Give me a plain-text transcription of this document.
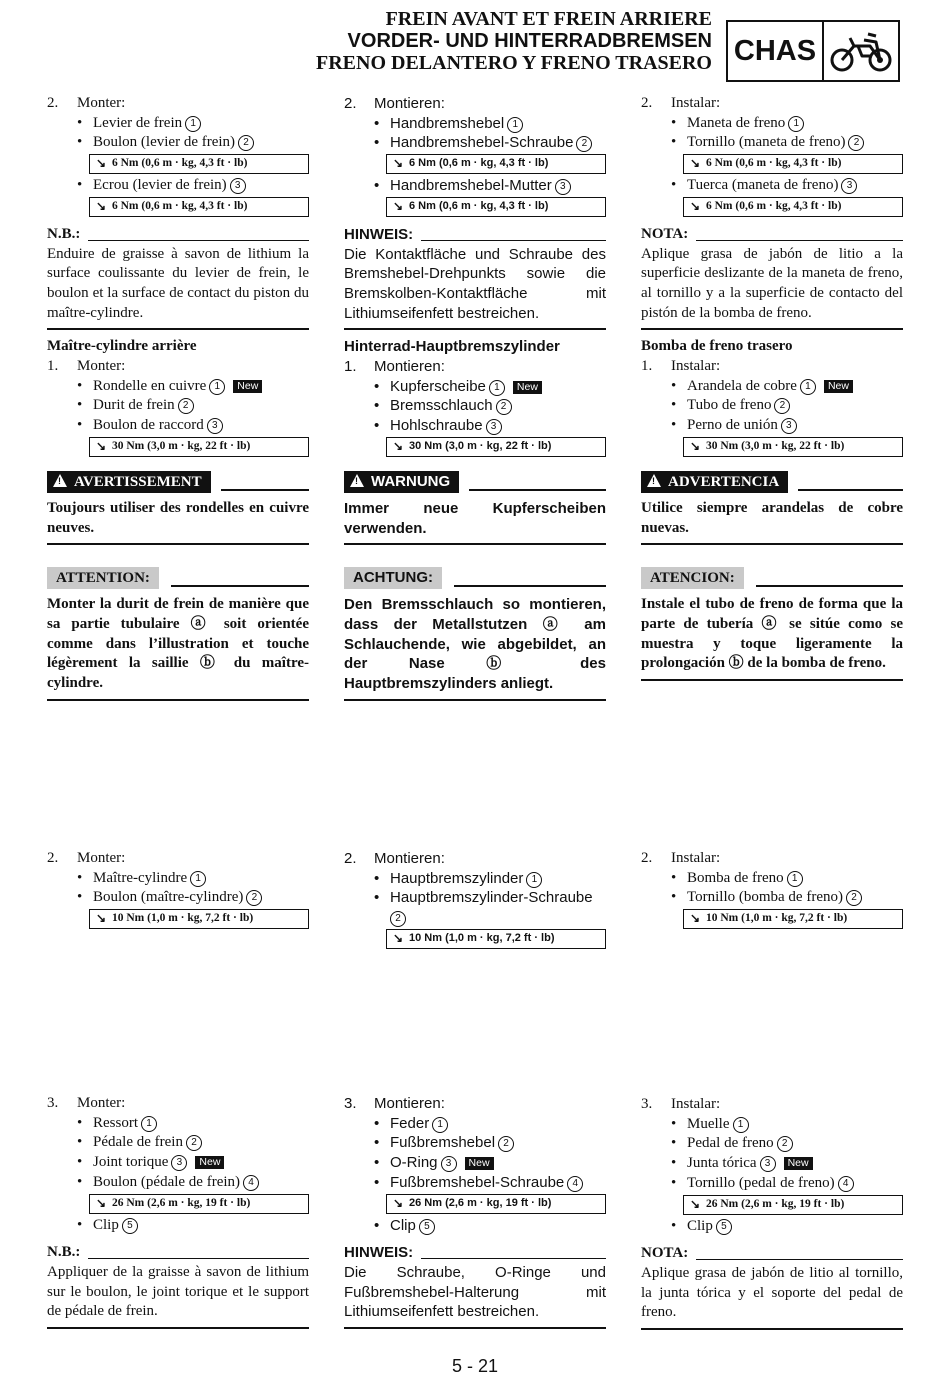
FREIN AVANT ET FREIN ARRIERE
VORDER- UND HINTERRADBREMSEN
FRENO DELANTERO Y FRENO TRASERO CHAS
2.	Monter:
• Levier de frein 1
• Boulon (levier de frein) 2
↘ 6 Nm (0,6 m · kg, 4,3 ft · lb)
• Ecrou (levier de frein) 3
↘ 6 Nm (0,6 m · kg, 4,3 ft · lb)
N.B.:
Enduire de graisse à savon de lithium la surface coulissante du levier de frein, le boulon et la surface de contact du piston du maître-cylindre.
Maître-cylindre arrière
1.	Monter:
• Rondelle en cuivre 1 New
• Durit de frein 2
• Boulon de raccord 3
↘ 30 Nm (3,0 m · kg, 22 ft · lb)
! AVERTISSEMENT
Toujours utiliser des rondelles en cuivre neuves.
ATTENTION:
Monter la durit de frein de manière que sa partie tubulaire ⓐ soit orientée comme dans l’illustration et touche légèrement la saillie ⓑ du maître-cylindre.
2.	Monter:
• Maître-cylindre 1
• Boulon (maître-cylindre) 2
↘ 10 Nm (1,0 m · kg, 7,2 ft · lb)
3.	Monter:
• Ressort 1
• Pédale de frein 2
• Joint torique 3 New
• Boulon (pédale de frein) 4
↘ 26 Nm (2,6 m · kg, 19 ft · lb)
• Clip 5
N.B.:
Appliquer de la graisse à savon de lithium sur le boulon, le joint torique et le support de pédale de frein.
2.	Montieren:
• Handbremshebel 1
• Handbremshebel-Schraube 2
↘ 6 Nm (0,6 m · kg, 4,3 ft · lb)
• Handbremshebel-Mutter 3
↘ 6 Nm (0,6 m · kg, 4,3 ft · lb)
HINWEIS:
Die Kontaktfläche und Schraube des Bremshebel-Drehpunkts sowie die Bremskolben-Kontaktfläche mit Lithiumseifenfett bestreichen.
Hinterrad-Hauptbremszylinder
1.	Montieren:
• Kupferscheibe 1 New
• Bremsschlauch 2
• Hohlschraube 3
↘ 30 Nm (3,0 m · kg, 22 ft · lb)
! WARNUNG
Immer neue Kupferscheiben verwenden.
ACHTUNG:
Den Bremsschlauch so montieren, dass der Metallstutzen ⓐ am Schlauchende, wie abgebildet, an der Nase ⓑ des Hauptbremszylinders anliegt.
2.	Montieren:
• Hauptbremszylinder 1
• Hauptbremszylinder-Schraube
2
↘ 10 Nm (1,0 m · kg, 7,2 ft · lb)
3.	Montieren:
• Feder 1
• Fußbremshebel 2
• O-Ring 3 New
• Fußbremshebel-Schraube 4
↘ 26 Nm (2,6 m · kg, 19 ft · lb)
• Clip 5
HINWEIS:
Die Schraube, O-Ringe und Fußbremshebel-Halterung mit Lithiumseifenfett bestreichen.
2.	Instalar:
• Maneta de freno 1
• Tornillo (maneta de freno) 2
↘ 6 Nm (0,6 m · kg, 4,3 ft · lb)
• Tuerca (maneta de freno) 3
↘ 6 Nm (0,6 m · kg, 4,3 ft · lb)
NOTA:
Aplique grasa de jabón de litio a la superficie deslizante de la maneta de freno, al tornillo y a la superficie de contacto del pistón de la bomba de freno.
Bomba de freno trasero
1.	Instalar:
• Arandela de cobre 1 New
• Tubo de freno 2
• Perno de unión 3
↘ 30 Nm (3,0 m · kg, 22 ft · lb)
! ADVERTENCIA
Utilice siempre arandelas de cobre nuevas.
ATENCION:
Instale el tubo de freno de forma que la parte de tubería ⓐ se sitúe como se muestra y toque ligeramente la prolongación ⓑ de la bomba de freno.
2.	Instalar:
• Bomba de freno 1
• Tornillo (bomba de freno) 2
↘ 10 Nm (1,0 m · kg, 7,2 ft · lb)
3.	Instalar:
• Muelle 1
• Pedal de freno 2
• Junta tórica 3 New
• Tornillo (pedal de freno) 4
↘ 26 Nm (2,6 m · kg, 19 ft · lb)
• Clip 5
NOTA:
Aplique grasa de jabón de litio al tornillo, la junta tórica y el soporte del pedal de freno.
5 - 21
